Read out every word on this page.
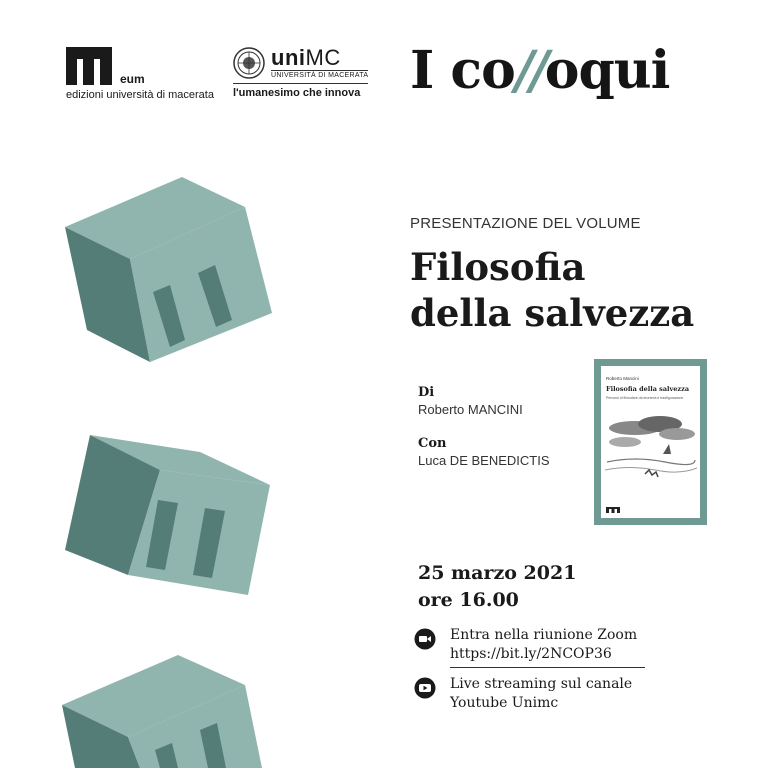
eum
edizioni università di macerata
uniMC
UNIVERSITÀ DI MACERATA
l'umanesimo che innova I co//oqui
PRESENTAZIONE DEL VOLUME
Filosofia
della salvezza
Di
Roberto MANCINI
Con
Luca DE BENEDICTIS
Roberto Mancini
Filosofia della salvezza
Percorsi di filosofare da teorema e trasfigurazione
25 marzo 2021
ore 16.00
Entra nella riunione Zoom
https://bit.ly/2NCOP36
Live streaming sul canale
Youtube Unimc
